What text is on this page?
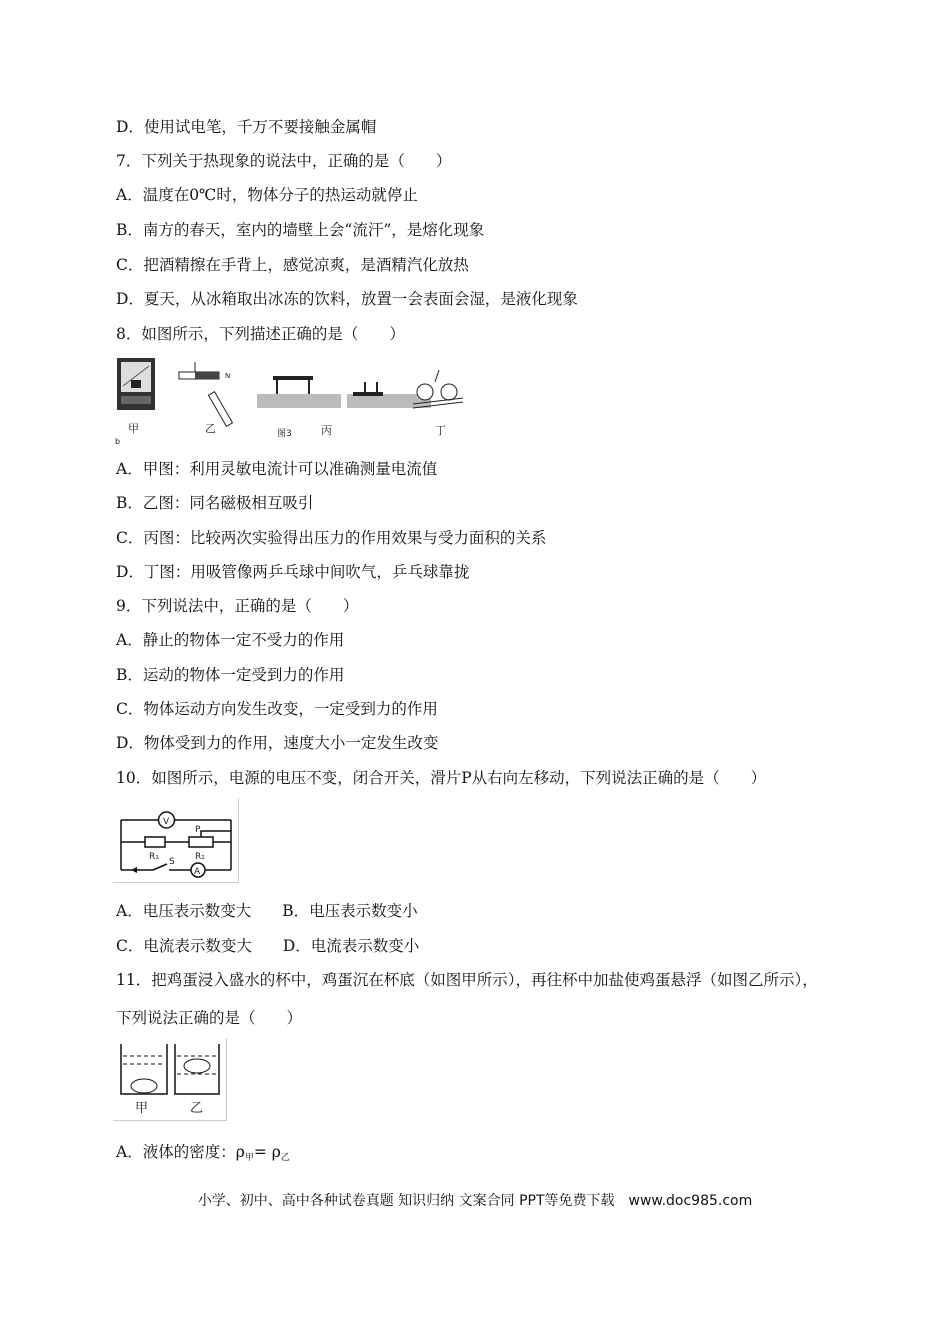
D．使用试电笔，千万不要接触金属帽
7．下列关于热现象的说法中，正确的是（　　）
A．温度在0℃时，物体分子的热运动就停止
B．南方的春天，室内的墙壁上会“流汗”，是熔化现象
C．把酒精擦在手背上，感觉凉爽，是酒精汽化放热
D．夏天，从冰箱取出冰冻的饮料，放置一会表面会湿，是液化现象
8．如图所示，下列描述正确的是（　　）
N
b
甲	乙	图3	丙	丁
A．甲图：利用灵敏电流计可以准确测量电流值
B．乙图：同名磁极相互吸引
C．丙图：比较两次实验得出压力的作用效果与受力面积的关系
D．丁图：用吸管像两乒乓球中间吹气，乒乓球靠拢
9．下列说法中，正确的是（　　）
A．静止的物体一定不受力的作用
B．运动的物体一定受到力的作用
C．物体运动方向发生改变，一定受到力的作用
D．物体受到力的作用，速度大小一定发生改变
10．如图所示，电源的电压不变，闭合开关，滑片P从右向左移动，下列说法正确的是（　　）
V
A
R₁	R₂
P
S
A．电压表示数变大　　B．电压表示数变小
C．电流表示数变大　　D．电流表示数变小
11．把鸡蛋浸入盛水的杯中，鸡蛋沉在杯底（如图甲所示），再往杯中加盐使鸡蛋悬浮（如图乙所示），
下列说法正确的是（　　）
甲	乙
A．液体的密度：ρ甲= ρ乙
小学、初中、高中各种试卷真题 知识归纳 文案合同 PPT等免费下载　www.doc985.com
